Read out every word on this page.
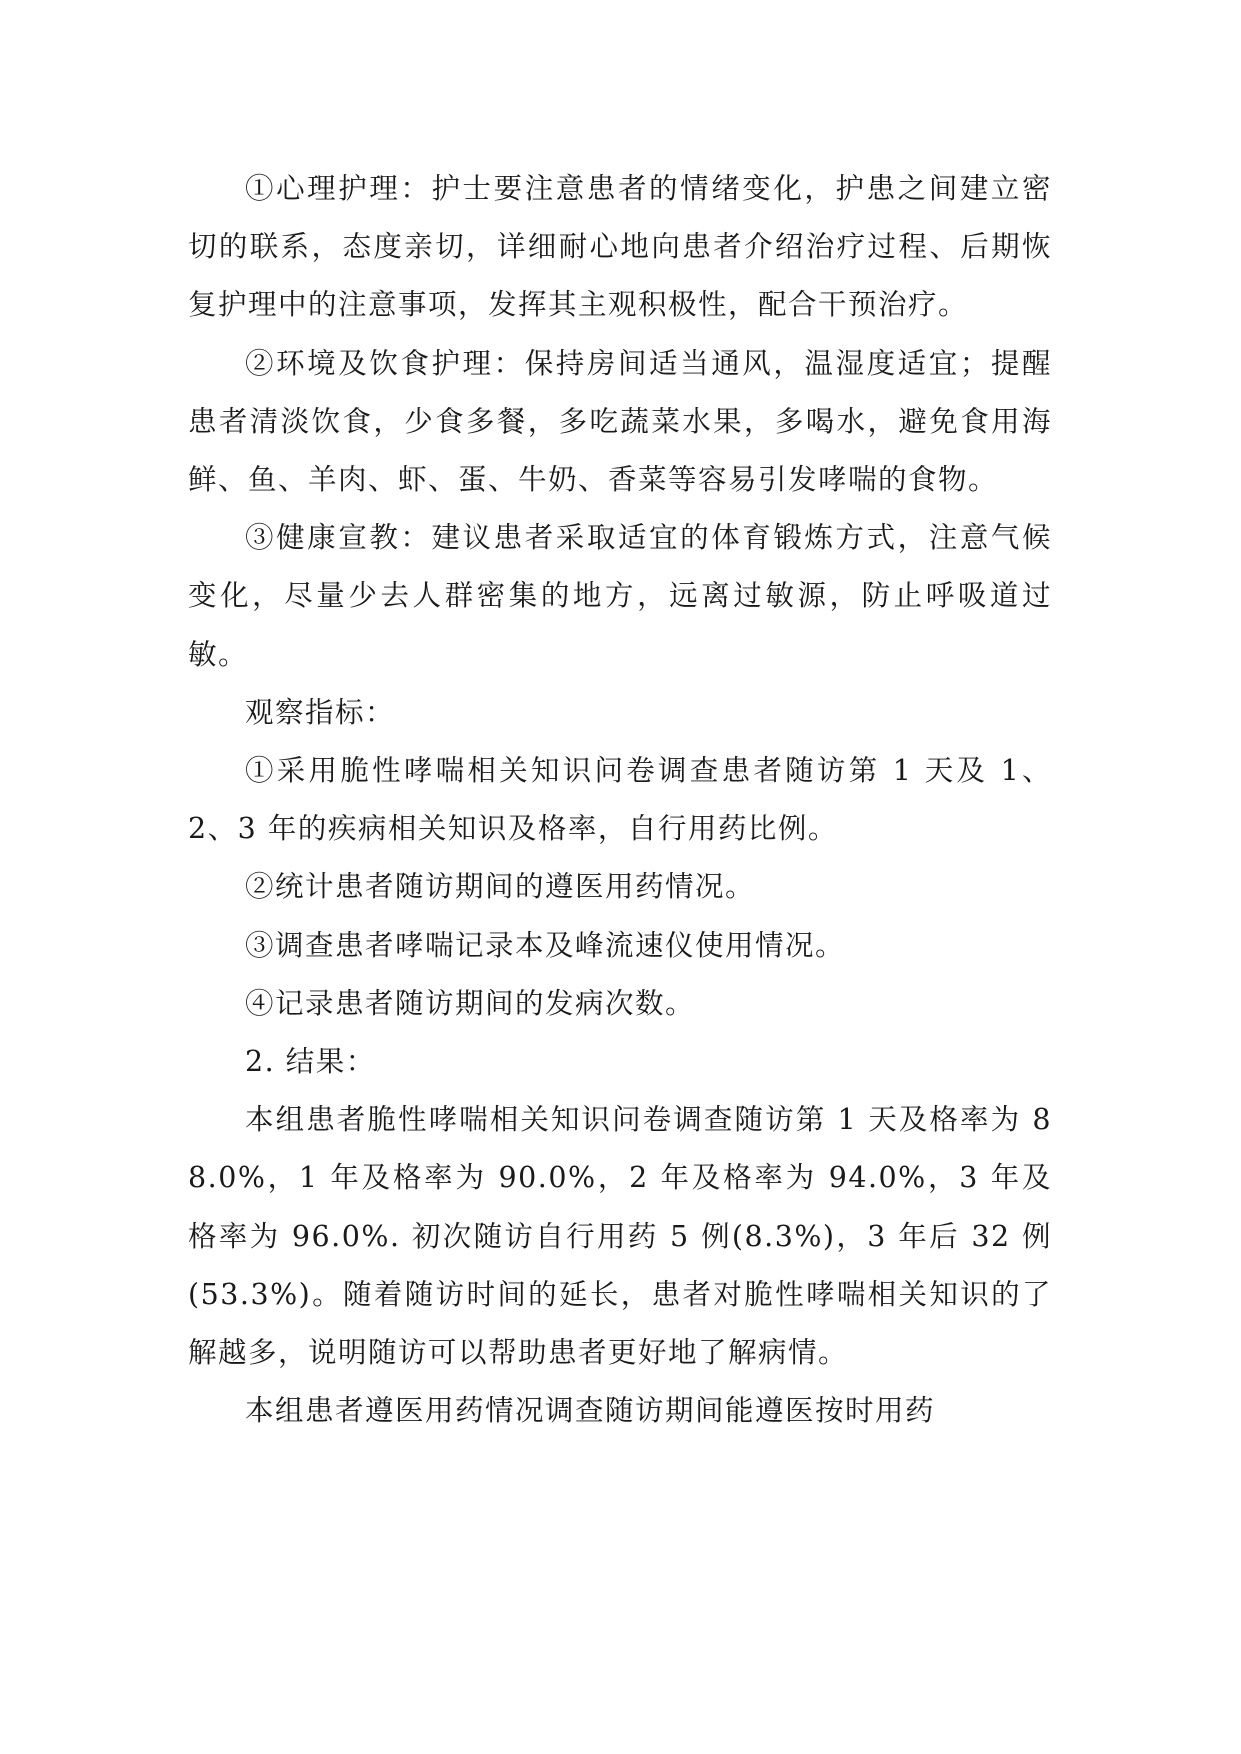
①心理护理：护士要注意患者的情绪变化，护患之间建立密切的联系，态度亲切，详细耐心地向患者介绍治疗过程、后期恢复护理中的注意事项，发挥其主观积极性，配合干预治疗。

②环境及饮食护理：保持房间适当通风，温湿度适宜；提醒患者清淡饮食，少食多餐，多吃蔬菜水果，多喝水，避免食用海鲜、鱼、羊肉、虾、蛋、牛奶、香菜等容易引发哮喘的食物。

③健康宣教：建议患者采取适宜的体育锻炼方式，注意气候变化，尽量少去人群密集的地方，远离过敏源，防止呼吸道过敏。

观察指标：

①采用脆性哮喘相关知识问卷调查患者随访第 1 天及 1、2、3 年的疾病相关知识及格率，自行用药比例。

②统计患者随访期间的遵医用药情况。

③调查患者哮喘记录本及峰流速仪使用情况。

④记录患者随访期间的发病次数。

2. 结果：

本组患者脆性哮喘相关知识问卷调查随访第 1 天及格率为 88.0%，1 年及格率为 90.0%，2 年及格率为 94.0%，3 年及格率为 96.0%. 初次随访自行用药 5 例(8.3%)，3 年后 32 例(53.3%)。随着随访时间的延长，患者对脆性哮喘相关知识的了解越多，说明随访可以帮助患者更好地了解病情。

本组患者遵医用药情况调查随访期间能遵医按时用药
